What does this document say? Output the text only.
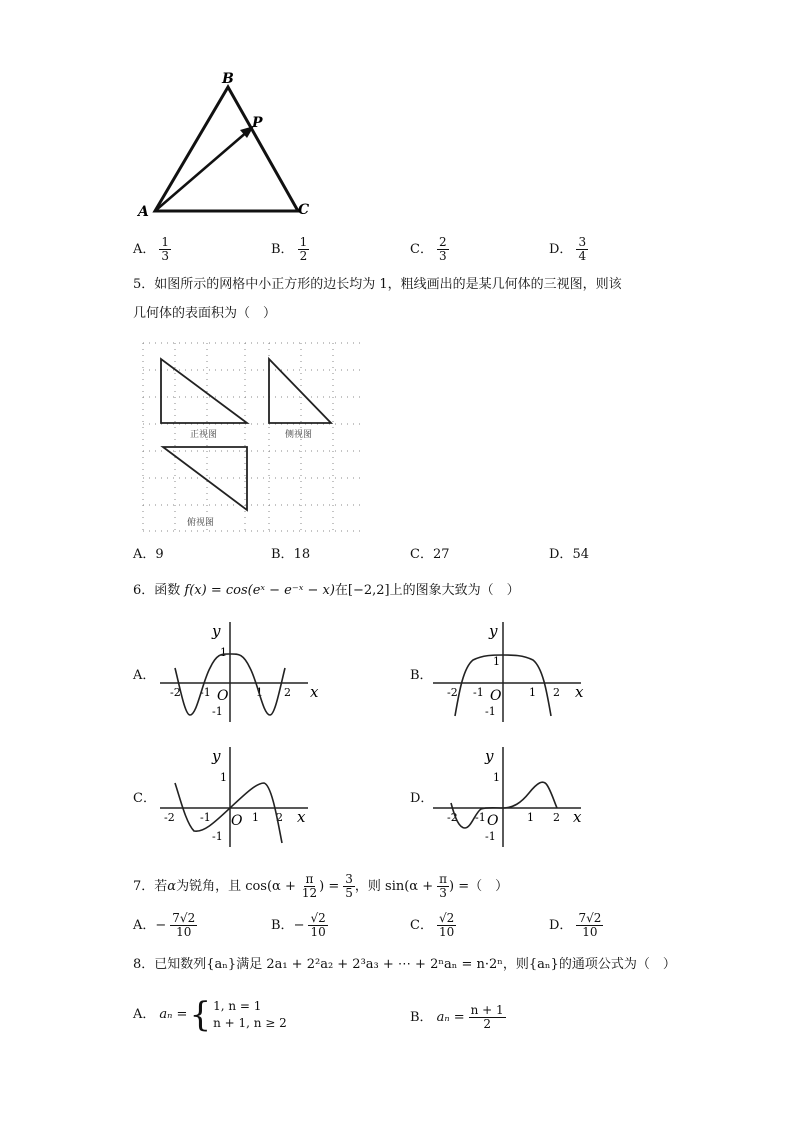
A
B
C
P
A． $\frac{1}{3}$	B． $\frac{1}{2}$	C． $\frac{2}{3}$	D． $\frac{3}{4}$
5．如图所示的网格中小正方形的边长均为 1，粗线画出的是某几何体的三视图，则该
几何体的表面积为（　）
正视图	侧视图
俯视图
A．9	B．18	C．27	D．54
6．函数 f(x) = cos(eˣ − e⁻ˣ − x)在[−2,2]上的图象大致为（　）
A．	B．
C．	D．
x
y
O
-2 -1	1 2
1
-1
x
y
O
-2 -1	1 2
1
-1
x
y
O
-2 -1	1 2
1
-1
x
y
O
-2 -1	1 2
1
-1
7．若 α 为锐角，且 $\cos(\alpha + \frac{\pi}{12}$ ) = $\frac{3}{5}$ ，则 $\sin(\alpha + \frac{\pi}{3}$ ) =（　）
A． − $\frac{7√2}{10}$	B． − $\frac{√2}{10}$	C． $\frac{√2}{10}$	D． $\frac{7√2}{10}$
8．已知数列{aₙ}满足 2a₁ + 2²a₂ + 2³a₃ + ⋯ + 2ⁿaₙ = n·2ⁿ，则{aₙ}的通项公式为（　）
A． aₙ = { 1, n = 1
n + 1, n ≥ 2	B． $a_n = \frac{n + 1}{2}$
